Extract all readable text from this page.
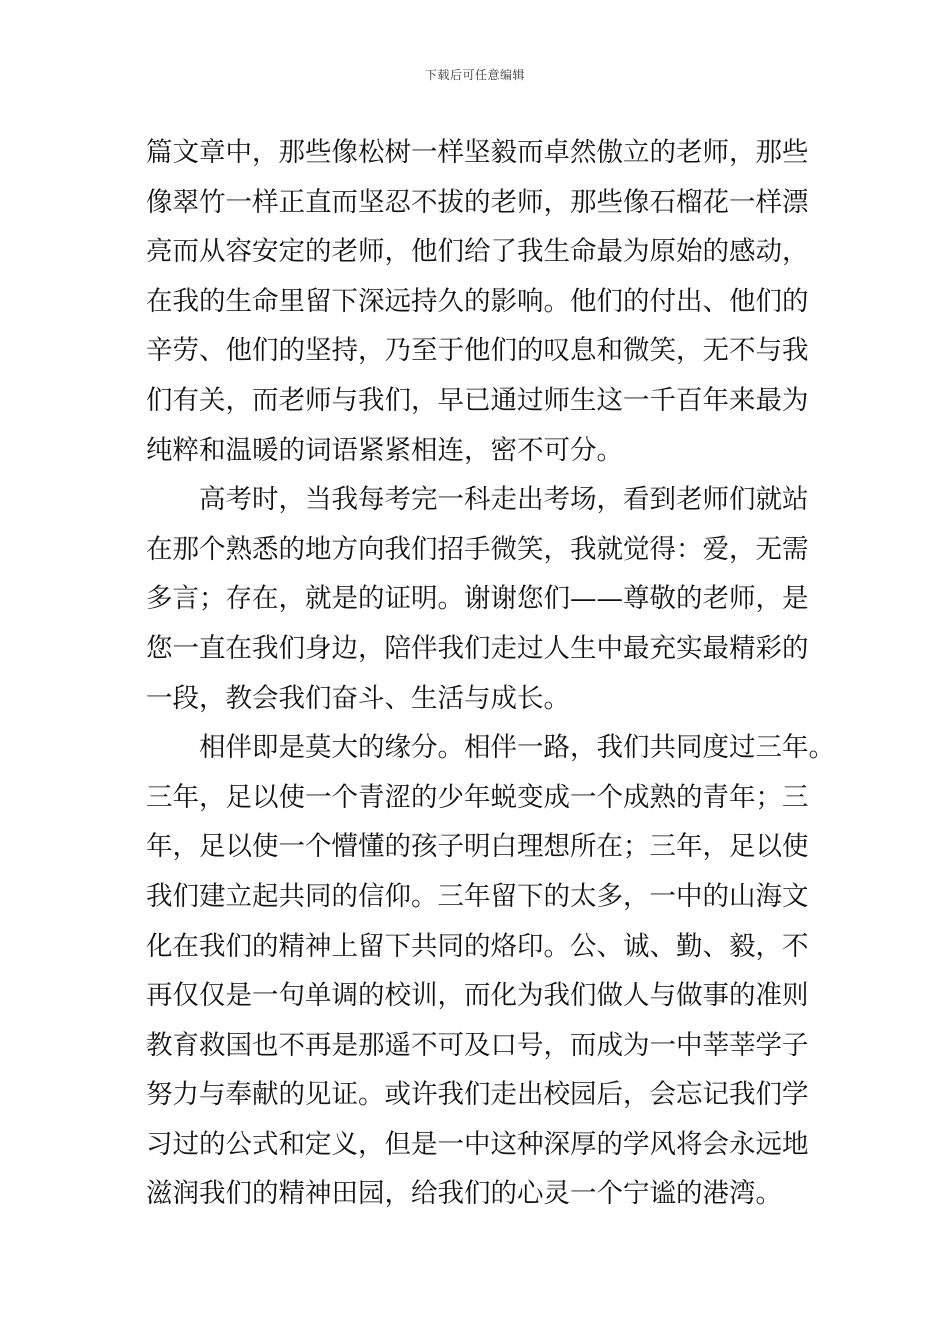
下载后可任意编辑
篇文章中，那些像松树一样坚毅而卓然傲立的老师，那些
像翠竹一样正直而坚忍不拔的老师，那些像石榴花一样漂
亮而从容安定的老师，他们给了我生命最为原始的感动，
在我的生命里留下深远持久的影响。他们的付出、他们的
辛劳、他们的坚持，乃至于他们的叹息和微笑，无不与我
们有关，而老师与我们，早已通过师生这一千百年来最为
纯粹和温暖的词语紧紧相连，密不可分。
　　高考时，当我每考完一科走出考场，看到老师们就站
在那个熟悉的地方向我们招手微笑，我就觉得：爱，无需
多言；存在，就是的证明。谢谢您们——尊敬的老师，是
您一直在我们身边，陪伴我们走过人生中最充实最精彩的
一段，教会我们奋斗、生活与成长。
　　相伴即是莫大的缘分。相伴一路，我们共同度过三年。
三年，足以使一个青涩的少年蜕变成一个成熟的青年；三
年，足以使一个懵懂的孩子明白理想所在；三年，足以使
我们建立起共同的信仰。三年留下的太多，一中的山海文
化在我们的精神上留下共同的烙印。公、诚、勤、毅，不
再仅仅是一句单调的校训，而化为我们做人与做事的准则
教育救国也不再是那遥不可及口号，而成为一中莘莘学子
努力与奉献的见证。或许我们走出校园后，会忘记我们学
习过的公式和定义，但是一中这种深厚的学风将会永远地
滋润我们的精神田园，给我们的心灵一个宁谧的港湾。
